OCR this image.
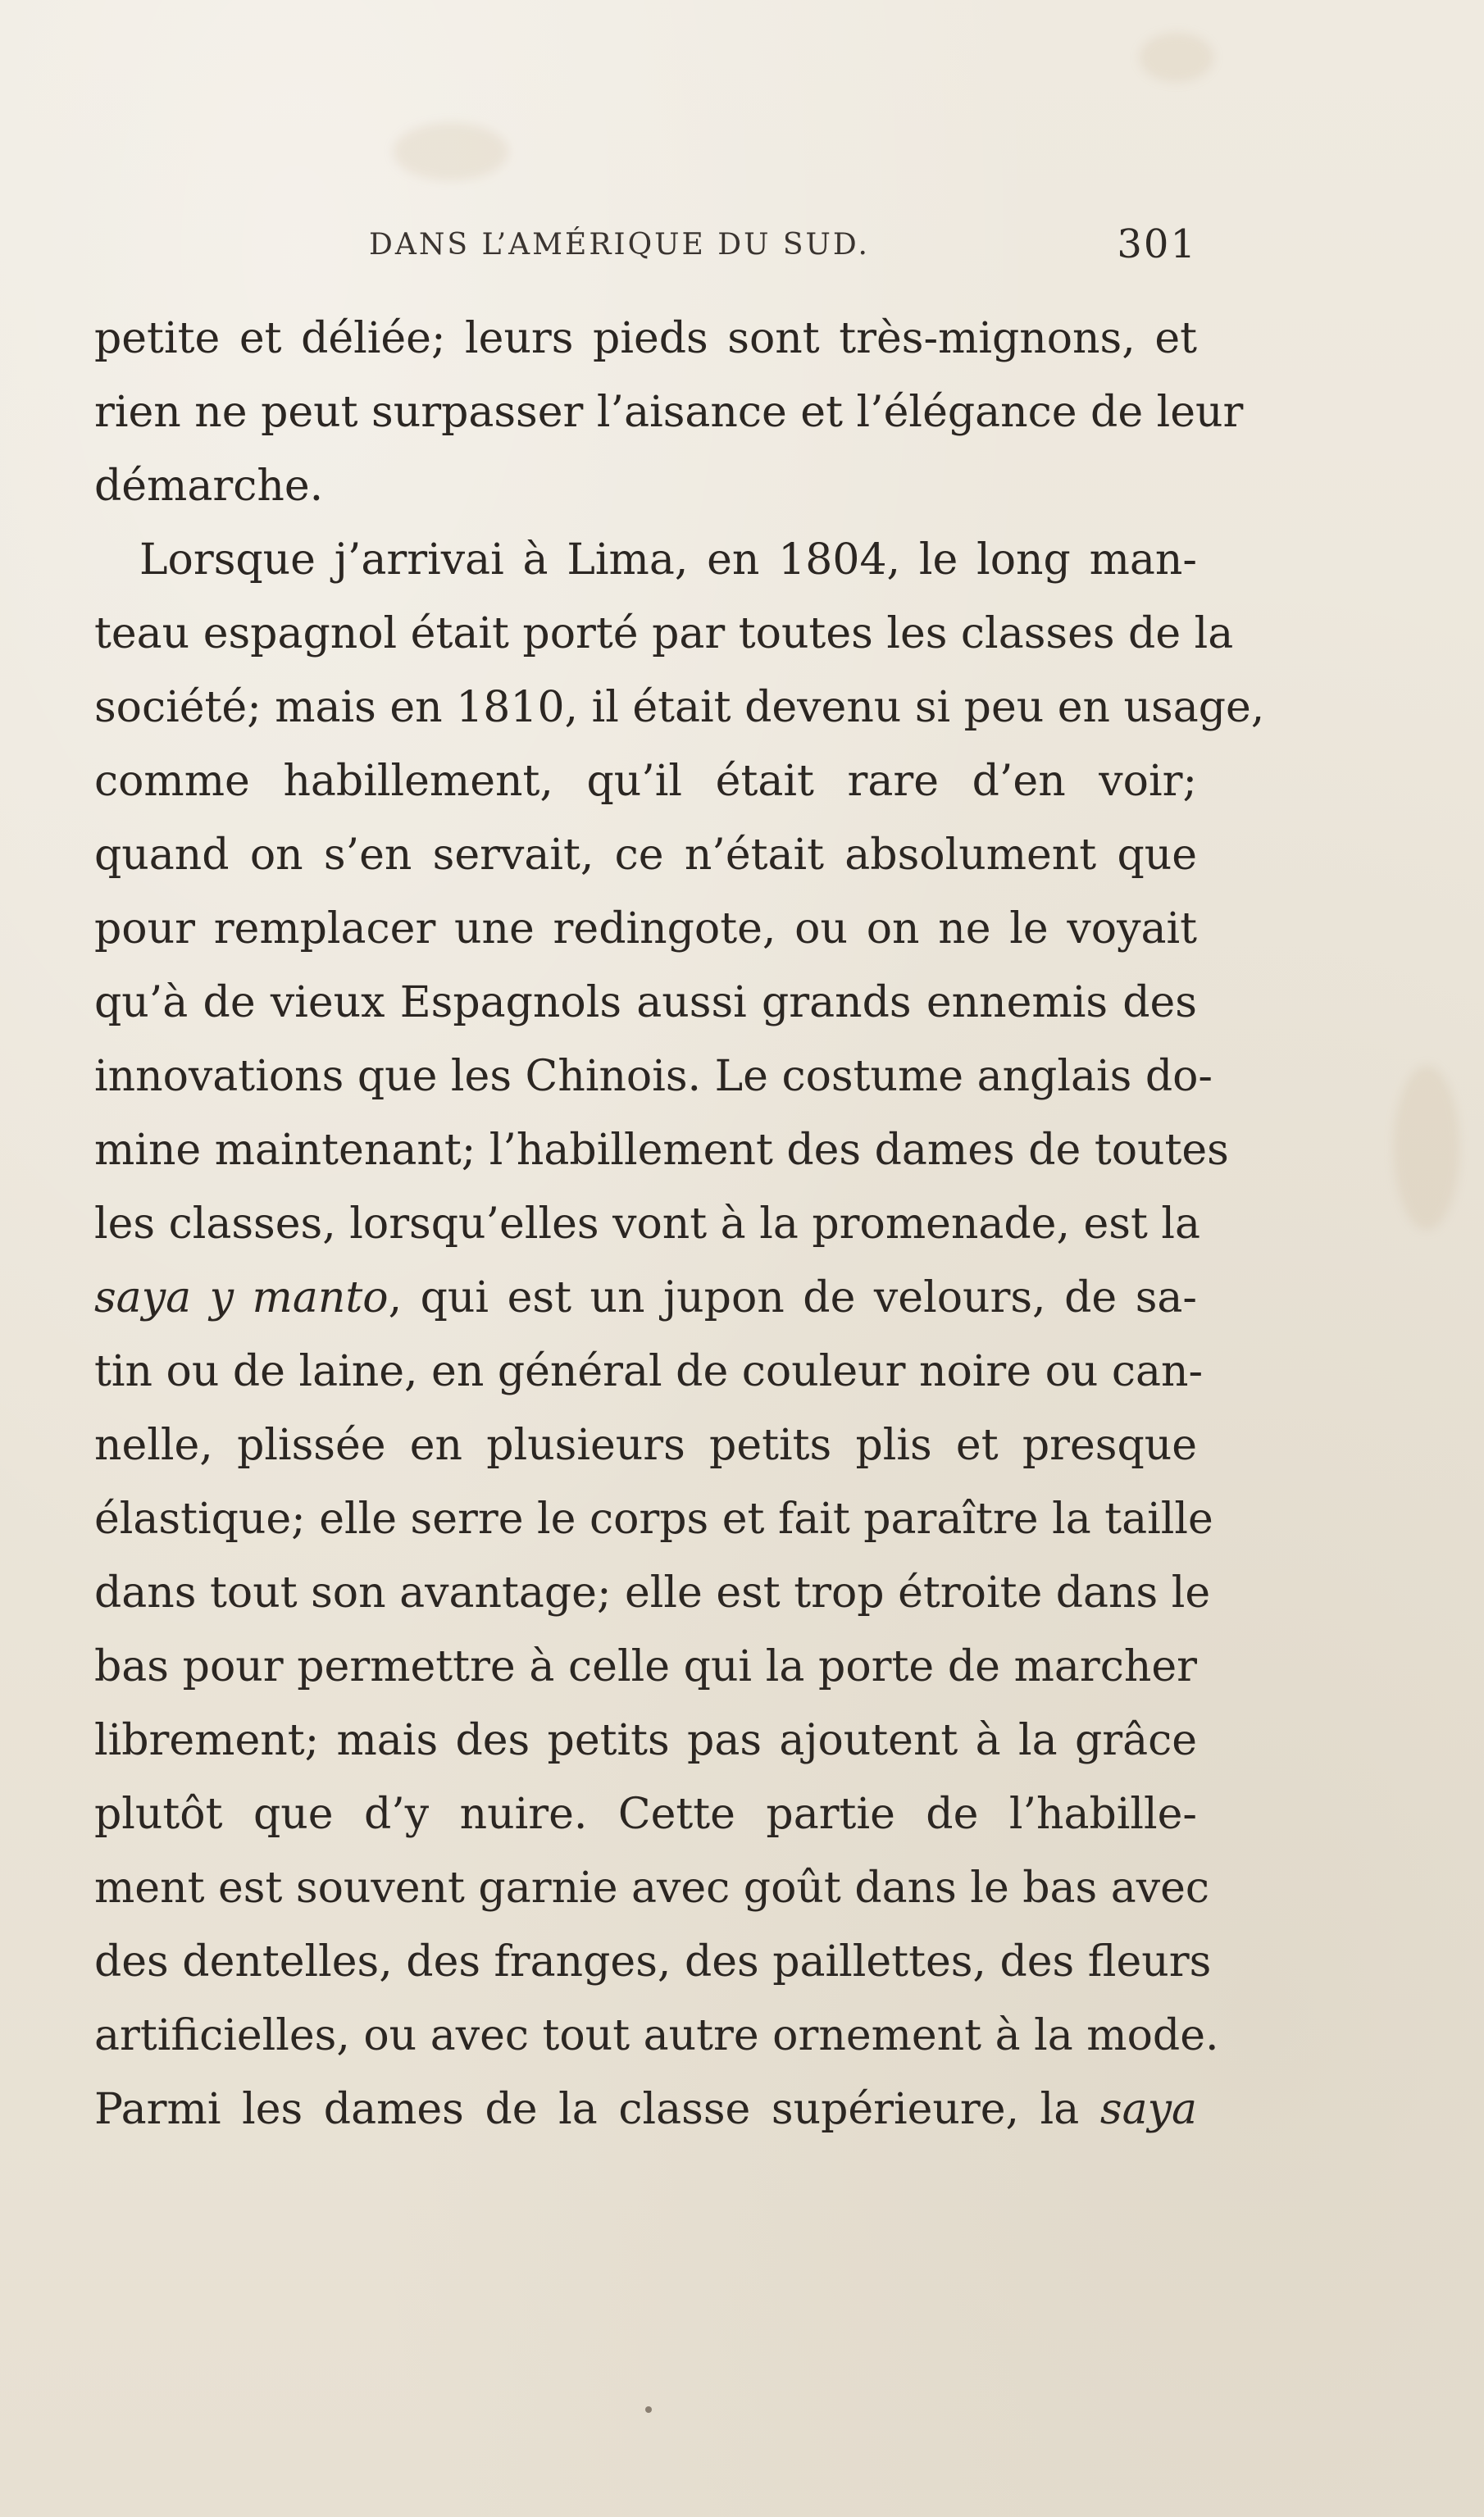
DANS L’AMÉRIQUE DU SUD.	301
petite et déliée; leurs pieds sont très-mignons, et
rien ne peut surpasser l’aisance et l’élégance de leur
démarche.
Lorsque j’arrivai à Lima, en 1804, le long man-
teau espagnol était porté par toutes les classes de la
société; mais en 1810, il était devenu si peu en usage,
comme habillement, qu’il était rare d’en voir;
quand on s’en servait, ce n’était absolument que
pour remplacer une redingote, ou on ne le voyait
qu’à de vieux Espagnols aussi grands ennemis des
innovations que les Chinois. Le costume anglais do-
mine maintenant; l’habillement des dames de toutes
les classes, lorsqu’elles vont à la promenade, est la
saya y manto, qui est un jupon de velours, de sa-
tin ou de laine, en général de couleur noire ou can-
nelle, plissée en plusieurs petits plis et presque
élastique; elle serre le corps et fait paraître la taille
dans tout son avantage; elle est trop étroite dans le
bas pour permettre à celle qui la porte de marcher
librement; mais des petits pas ajoutent à la grâce
plutôt que d’y nuire. Cette partie de l’habille-
ment est souvent garnie avec goût dans le bas avec
des dentelles, des franges, des paillettes, des fleurs
artificielles, ou avec tout autre ornement à la mode.
Parmi les dames de la classe supérieure, la saya
